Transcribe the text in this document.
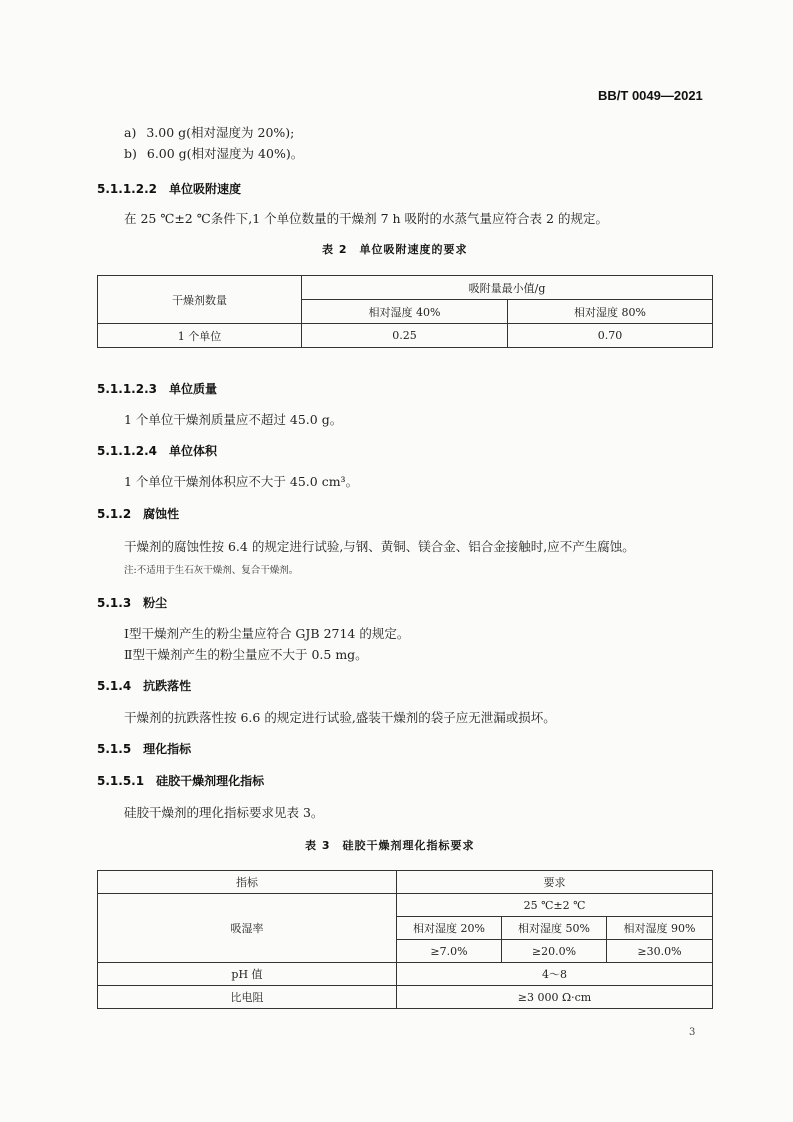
BB/T 0049—2021
a) 3.00 g(相对湿度为 20%);
b) 6.00 g(相对湿度为 40%)。
5.1.1.2.2　单位吸附速度
在 25 ℃±2 ℃条件下,1 个单位数量的干燥剂 7 h 吸附的水蒸气量应符合表 2 的规定。
表 2　单位吸附速度的要求
干燥剂数量	吸附量最小值/g	
	相对湿度 40%	相对湿度 80%
1 个单位	0.25	0.70
5.1.1.2.3　单位质量
1 个单位干燥剂质量应不超过 45.0 g。
5.1.1.2.4　单位体积
1 个单位干燥剂体积应不大于 45.0 cm³。
5.1.2　腐蚀性
干燥剂的腐蚀性按 6.4 的规定进行试验,与钢、黄铜、镁合金、铝合金接触时,应不产生腐蚀。
注:不适用于生石灰干燥剂、复合干燥剂。
5.1.3　粉尘
Ⅰ型干燥剂产生的粉尘量应符合 GJB 2714 的规定。
Ⅱ型干燥剂产生的粉尘量应不大于 0.5 mg。
5.1.4　抗跌落性
干燥剂的抗跌落性按 6.6 的规定进行试验,盛装干燥剂的袋子应无泄漏或损坏。
5.1.5　理化指标
5.1.5.1　硅胶干燥剂理化指标
硅胶干燥剂的理化指标要求见表 3。
表 3　硅胶干燥剂理化指标要求
指标	要求		
吸湿率	25 ℃±2 ℃		
	相对湿度 20%	相对湿度 50%	相对湿度 90%
	≥7.0%	≥20.0%	≥30.0%
pH 值	4～8		
比电阻	≥3 000 Ω·cm		
3
